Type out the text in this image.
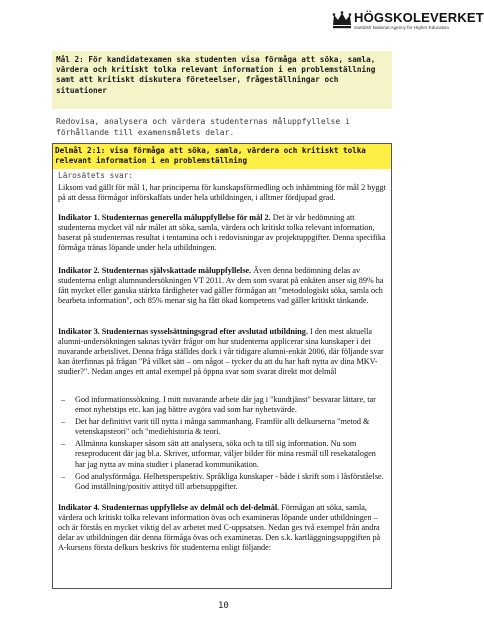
HÖGSKOLEVERKET
Swedish National Agency for Higher Education

Mål 2: För kandidatexamen ska studenten visa förmåga att söka, samla, värdera och kritiskt tolka relevant information i en problemställning samt att kritiskt diskutera företeelser, frågeställningar och situationer

Redovisa, analysera och värdera studenternas måluppfyllelse i förhållande till examensmålets delar.

Delmål 2:1: visa förmåga att söka, samla, värdera och kritiskt tolka relevant information i en problemställning

Lärosätets svar:

Liksom vad gällt för mål 1, har principerna för kunskapsförmedling och inhämtning för mål 2 byggt på att dessa förmågor införskaffats under hela utbildningen, i alltmer fördjupad grad.

Indikator 1. Studenternas generella måluppfyllelse för mål 2. Det är vår bedömning att studenterna mycket väl når målet att söka, samla, värdera och kritiskt tolka relevant information, baserat på studenternas resultat i tentamina och i redovisningar av projektuppgifter. Denna specifika förmåga tränas löpande under hela utbildningen.

Indikator 2. Studenternas självskattade måluppfyllelse. Även denna bedömning delas av studenterna enligt alumnundersökningen VT 2011. Av dem som svarat på enkäten anser sig 89% ha fått mycket eller ganska stärkta färdigheter vad gäller förmågan att "metodologiskt söka, samla och bearbeta information", och 85% menar sig ha fått ökad kompetens vad gäller kritiskt tänkande.

Indikator 3. Studenternas sysselsättningsgrad efter avslutad utbildning. I den mest aktuella alumni-undersökningen saknas tyvärr frågor om hur studenterna applicerar sina kunskaper i det nuvarande arbetslivet. Denna fråga ställdes dock i vår tidigare alumni-enkät 2006, där följande svar kan återfinnas på frågan "På vilket sätt – om något – tycker du att du har haft nytta av dina MKV-studier?". Nedan anges ett antal exempel på öppna svar som svarat direkt mot delmål

– God informationssökning. I mitt nuvarande arbete där jag i "kundtjänst" besvarar lättare, tar emot nyhetstips etc. kan jag bättre avgöra vad som har nyhetsvärde.
– Det har definitivt varit till nytta i många sammanhang. Framför allt delkurserna "metod & vetenskapsteori" och "mediehistoria & teori.
– Allmänna kunskaper såsom sätt att analysera, söka och ta till sig information. Nu som reseproducent där jag bl.a. Skriver, utformar, väljer bilder för mina resmål till resekatalogen har jag nytta av mina studier i planerad kommunikation.
– God analysförmåga. Helhetsperspektiv. Språkliga kunskaper - både i skrift som i låsförståelse. God inställning/positiv attityd till arbetsuppgifter.

Indikator 4. Studenternas uppfyllelse av delmål och del-delmål. Förmågan att söka, samla, värdera och kritiskt tolka relevant information övas och examineras löpande under utbildningen – och är förstås en mycket viktig del av arbetet med C-uppsatsen. Nedan ges två exempel från andra delar av utbildningen där denna förmåga övas och examineras. Den s.k. kartläggningsuppgiften på A-kursens första delkurs beskrivs för studenterna enligt följande:

10
